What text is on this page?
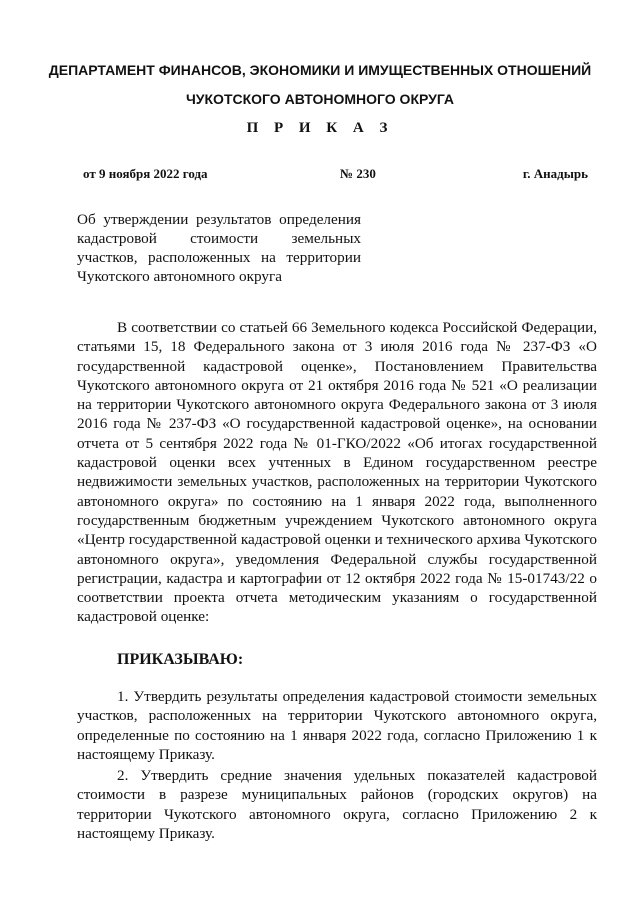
ДЕПАРТАМЕНТ ФИНАНСОВ, ЭКОНОМИКИ И ИМУЩЕСТВЕННЫХ ОТНОШЕНИЙ
ЧУКОТСКОГО АВТОНОМНОГО ОКРУГА
П Р И К А З
от 9 ноября 2022 года	№ 230	г. Анадырь
Об утверждении результатов определения кадастровой стоимости земельных участков, расположенных на территории Чукотского автономного округа

В соответствии со статьей 66 Земельного кодекса Российской Федерации, статьями 15, 18 Федерального закона от 3 июля 2016 года № 237-ФЗ «О государственной кадастровой оценке», Постановлением Правительства Чукотского автономного округа от 21 октября 2016 года № 521 «О реализации на территории Чукотского автономного округа Федерального закона от 3 июля 2016 года № 237-ФЗ «О государственной кадастровой оценке», на основании отчета от 5 сентября 2022 года № 01-ГКО/2022 «Об итогах государственной кадастровой оценки всех учтенных в Едином государственном реестре недвижимости земельных участков, расположенных на территории Чукотского автономного округа» по состоянию на 1 января 2022 года, выполненного государственным бюджетным учреждением Чукотского автономного округа «Центр государственной кадастровой оценки и технического архива Чукотского автономного округа», уведомления Федеральной службы государственной регистрации, кадастра и картографии от 12 октября 2022 года № 15-01743/22 о соответствии проекта отчета методическим указаниям о государственной кадастровой оценке:

ПРИКАЗЫВАЮ:

1. Утвердить результаты определения кадастровой стоимости земельных участков, расположенных на территории Чукотского автономного округа, определенные по состоянию на 1 января 2022 года, согласно Приложению 1 к настоящему Приказу.

2. Утвердить средние значения удельных показателей кадастровой стоимости в разрезе муниципальных районов (городских округов) на территории Чукотского автономного округа, согласно Приложению 2 к настоящему Приказу.
